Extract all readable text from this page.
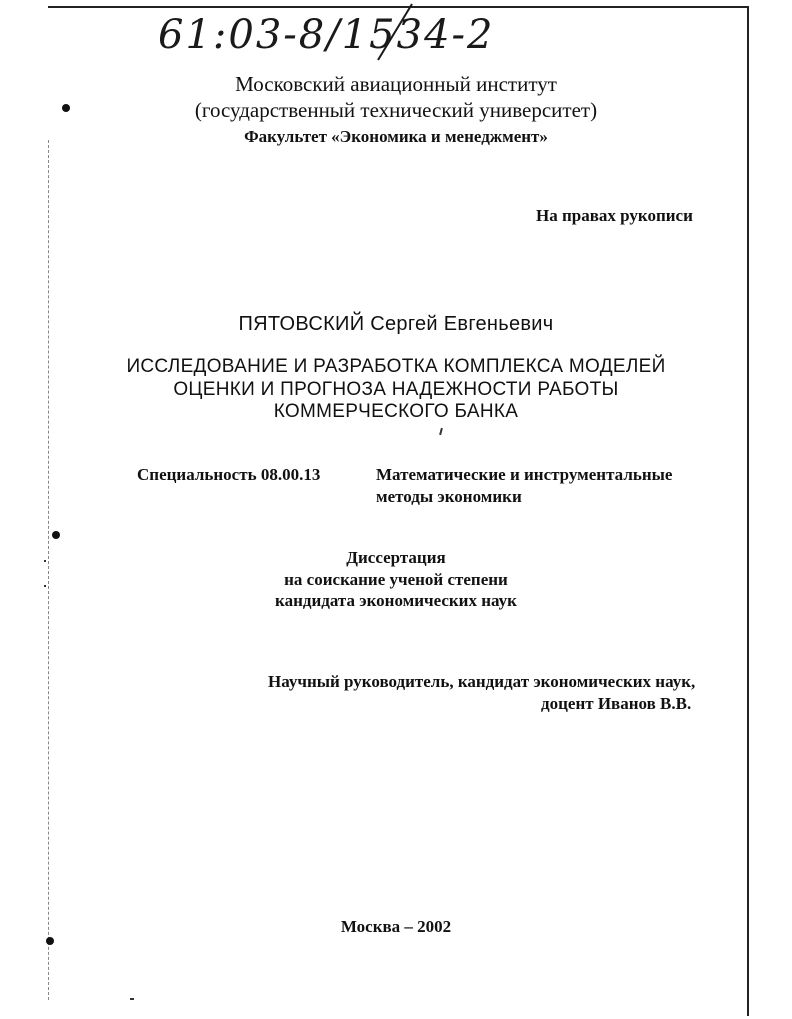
61:03-8/1534-2
Московский авиационный институт
(государственный технический университет)
Факультет «Экономика и менеджмент»
На правах рукописи
ПЯТОВСКИЙ Сергей Евгеньевич
ИССЛЕДОВАНИЕ И РАЗРАБОТКА КОМПЛЕКСА МОДЕЛЕЙ
ОЦЕНКИ И ПРОГНОЗА НАДЕЖНОСТИ РАБОТЫ
КОММЕРЧЕСКОГО БАНКА
Специальность 08.00.13	Математические и инструментальные
методы экономики
Диссертация
на соискание ученой степени
кандидата экономических наук
Научный руководитель, кандидат экономических наук,
доцент Иванов В.В.
Москва – 2002
